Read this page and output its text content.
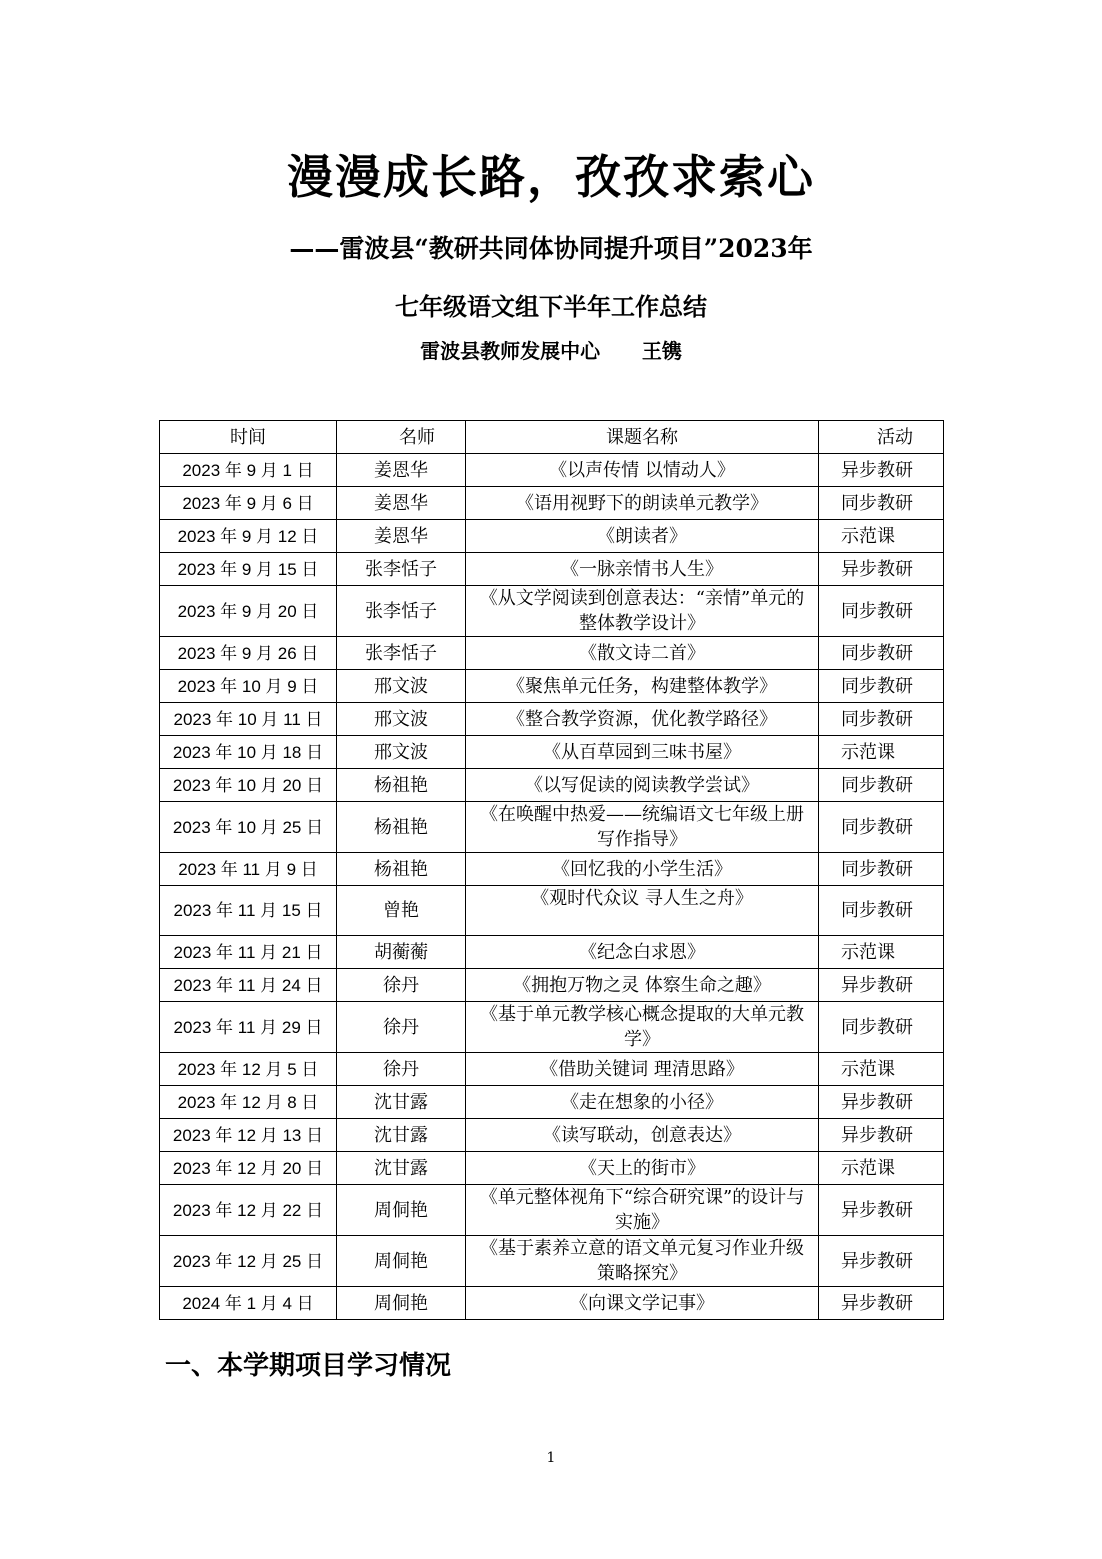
漫漫成长路，孜孜求索心
——雷波县“教研共同体协同提升项目”2023年
七年级语文组下半年工作总结
雷波县教师发展中心      王镌
时间	名师	课题名称	活动
2023 年 9 月 1 日	姜恩华	《以声传情 以情动人》	异步教研
2023 年 9 月 6 日	姜恩华	《语用视野下的朗读单元教学》	同步教研
2023 年 9 月 12 日	姜恩华	《朗读者》	示范课
2023 年 9 月 15 日	张李恬子	《一脉亲情书人生》	异步教研
2023 年 9 月 20 日	张李恬子	《从文学阅读到创意表达：“亲情”单元的整体教学设计》	同步教研
2023 年 9 月 26 日	张李恬子	《散文诗二首》	同步教研
2023 年 10 月 9 日	邢文波	《聚焦单元任务，构建整体教学》	同步教研
2023 年 10 月 11 日	邢文波	《整合教学资源，优化教学路径》	同步教研
2023 年 10 月 18 日	邢文波	《从百草园到三味书屋》	示范课
2023 年 10 月 20 日	杨祖艳	《以写促读的阅读教学尝试》	同步教研
2023 年 10 月 25 日	杨祖艳	《在唤醒中热爱——统编语文七年级上册写作指导》	同步教研
2023 年 11 月 9 日	杨祖艳	《回忆我的小学生活》	同步教研
2023 年 11 月 15 日	曾艳	《观时代众议 寻人生之舟》	同步教研
2023 年 11 月 21 日	胡蘅蘅	《纪念白求恩》	示范课
2023 年 11 月 24 日	徐丹	《拥抱万物之灵 体察生命之趣》	异步教研
2023 年 11 月 29 日	徐丹	《基于单元教学核心概念提取的大单元教学》	同步教研
2023 年 12 月 5 日	徐丹	《借助关键词 理清思路》	示范课
2023 年 12 月 8 日	沈甘露	《走在想象的小径》	异步教研
2023 年 12 月 13 日	沈甘露	《读写联动，创意表达》	异步教研
2023 年 12 月 20 日	沈甘露	《天上的街市》	示范课
2023 年 12 月 22 日	周侗艳	《单元整体视角下“综合研究课”的设计与实施》	异步教研
2023 年 12 月 25 日	周侗艳	《基于素养立意的语文单元复习作业升级策略探究》	异步教研
2024 年 1 月 4 日	周侗艳	《向课文学记事》	异步教研
一、本学期项目学习情况
1
